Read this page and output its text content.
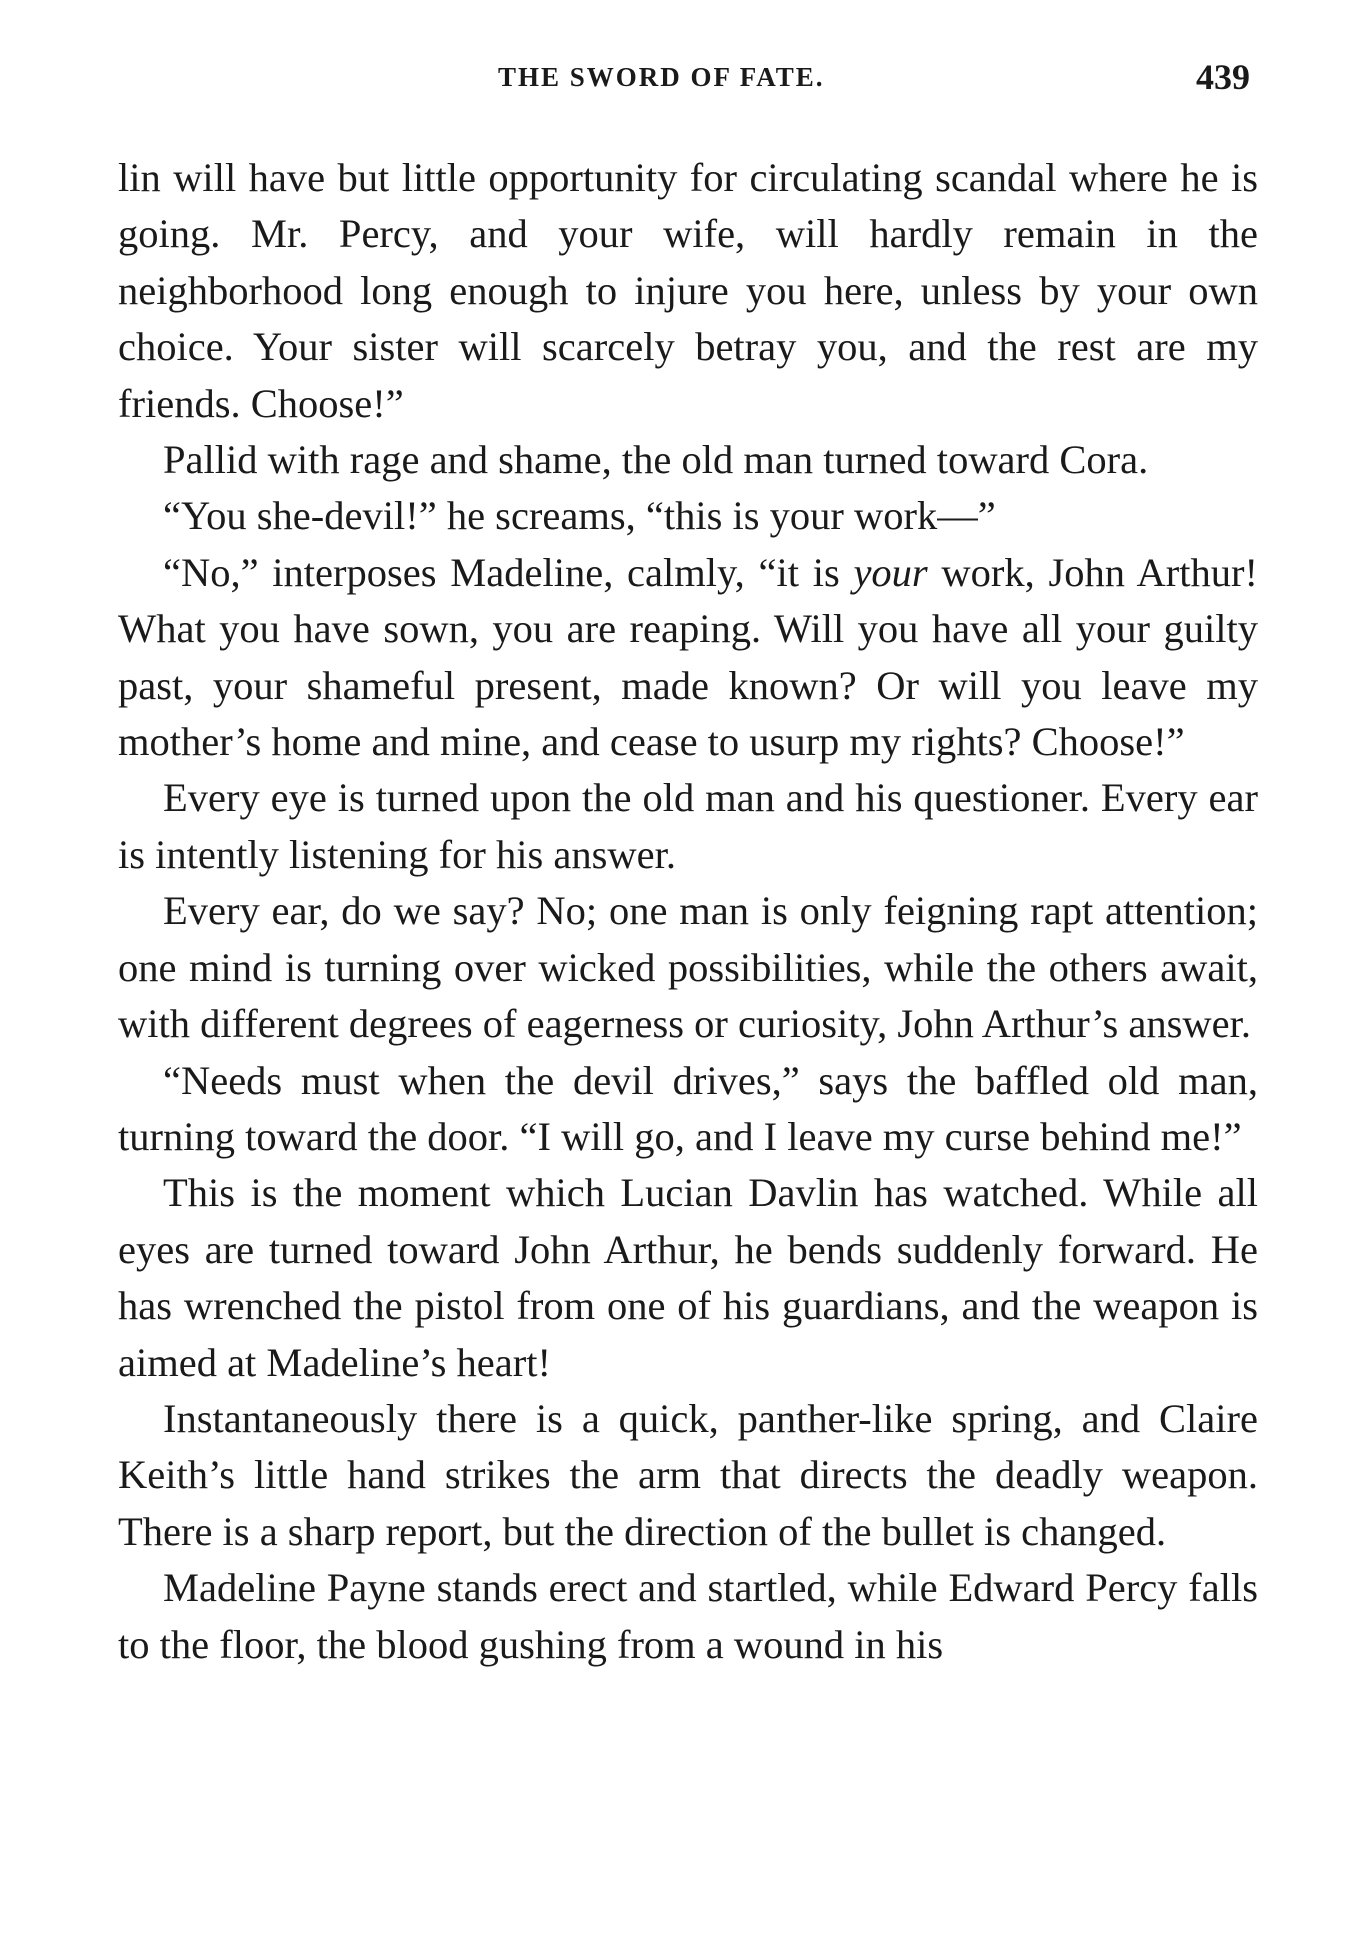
THE SWORD OF FATE.	439

lin will have but little opportunity for circulating scandal where he is going. Mr. Percy, and your wife, will hardly remain in the neighborhood long enough to injure you here, unless by your own choice. Your sister will scarcely betray you, and the rest are my friends. Choose!”

Pallid with rage and shame, the old man turned toward Cora.

“You she-devil!” he screams, “this is your work—”

“No,” interposes Madeline, calmly, “it is your work, John Arthur! What you have sown, you are reaping. Will you have all your guilty past, your shameful present, made known? Or will you leave my mother’s home and mine, and cease to usurp my rights? Choose!”

Every eye is turned upon the old man and his questioner. Every ear is intently listening for his answer.

Every ear, do we say? No; one man is only feigning rapt attention; one mind is turning over wicked possibilities, while the others await, with different degrees of eagerness or curiosity, John Arthur’s answer.

“Needs must when the devil drives,” says the baffled old man, turning toward the door. “I will go, and I leave my curse behind me!”

This is the moment which Lucian Davlin has watched. While all eyes are turned toward John Arthur, he bends suddenly forward. He has wrenched the pistol from one of his guardians, and the weapon is aimed at Madeline’s heart!

Instantaneously there is a quick, panther-like spring, and Claire Keith’s little hand strikes the arm that directs the deadly weapon. There is a sharp report, but the direction of the bullet is changed.

Madeline Payne stands erect and startled, while Edward Percy falls to the floor, the blood gushing from a wound in his
